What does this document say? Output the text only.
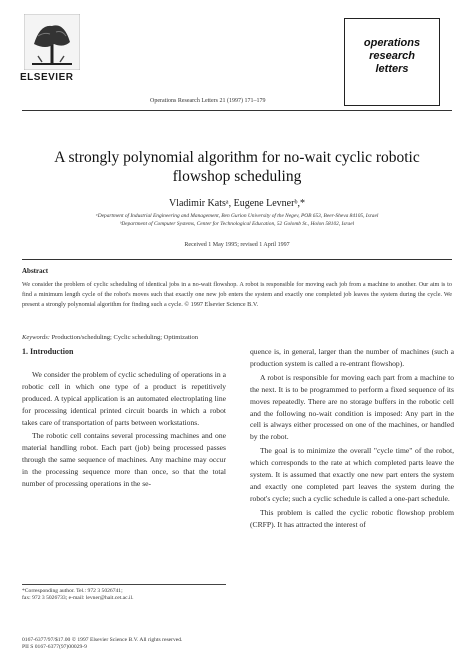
ELSEVIER
Operations Research Letters 21 (1997) 171–179
operations
research
letters
A strongly polynomial algorithm for no-wait cyclic robotic flowshop scheduling
Vladimir Katsᵃ, Eugene Levnerᵇ,*
ᵃDepartment of Industrial Engineering and Management, Ben Gurion University of the Negev, POB 653, Beer-Sheva 84105, Israel
ᵇDepartment of Computer Systems, Center for Technological Education, 52 Golomb St., Holon 58102, Israel
Received 1 May 1995; revised 1 April 1997
Abstract
We consider the problem of cyclic scheduling of identical jobs in a no-wait flowshop. A robot is responsible for moving each job from a machine to another. Our aim is to find a minimum length cycle of the robot's moves such that exactly one new job enters the system and exactly one completed job leaves the system during the cycle. We present a strongly polynomial algorithm for finding such a cycle. © 1997 Elsevier Science B.V.
Keywords: Production/scheduling; Cyclic scheduling; Optimization
1. Introduction

We consider the problem of cyclic scheduling of operations in a robotic cell in which one type of a product is repetitively produced. A typical application is an automated electroplating line for processing identical printed circuit boards in which a robot takes care of transportation of parts between workstations.

The robotic cell contains several processing machines and one material handling robot. Each part (job) being processed passes through the same sequence of machines. Any machine may occur in the processing sequence more than once, so that the total number of processing operations in the se-

*Corresponding author. Tel.: 972 3 5026741;
fax: 972 3 5026733; e-mail: levner@hait.cet.ac.il.
0167-6377/97/$17.00 © 1997 Elsevier Science B.V. All rights reserved.
PII S 0167-6377(97)00029-9

quence is, in general, larger than the number of machines (such a production system is called a re-entrant flowshop).

A robot is responsible for moving each part from a machine to the next. It is to be programmed to perform a fixed sequence of its moves repeatedly. There are no storage buffers in the robotic cell and the following no-wait condition is imposed: Any part in the cell is always either processed on one of the machines, or handled by the robot.

The goal is to minimize the overall "cycle time" of the robot, which corresponds to the rate at which completed parts leave the system. It is assumed that exactly one new part enters the system and exactly one completed part leaves the system during the robot's cycle; such a cyclic schedule is called a one-part schedule.

This problem is called the cyclic robotic flowshop problem (CRFP). It has attracted the interest of
